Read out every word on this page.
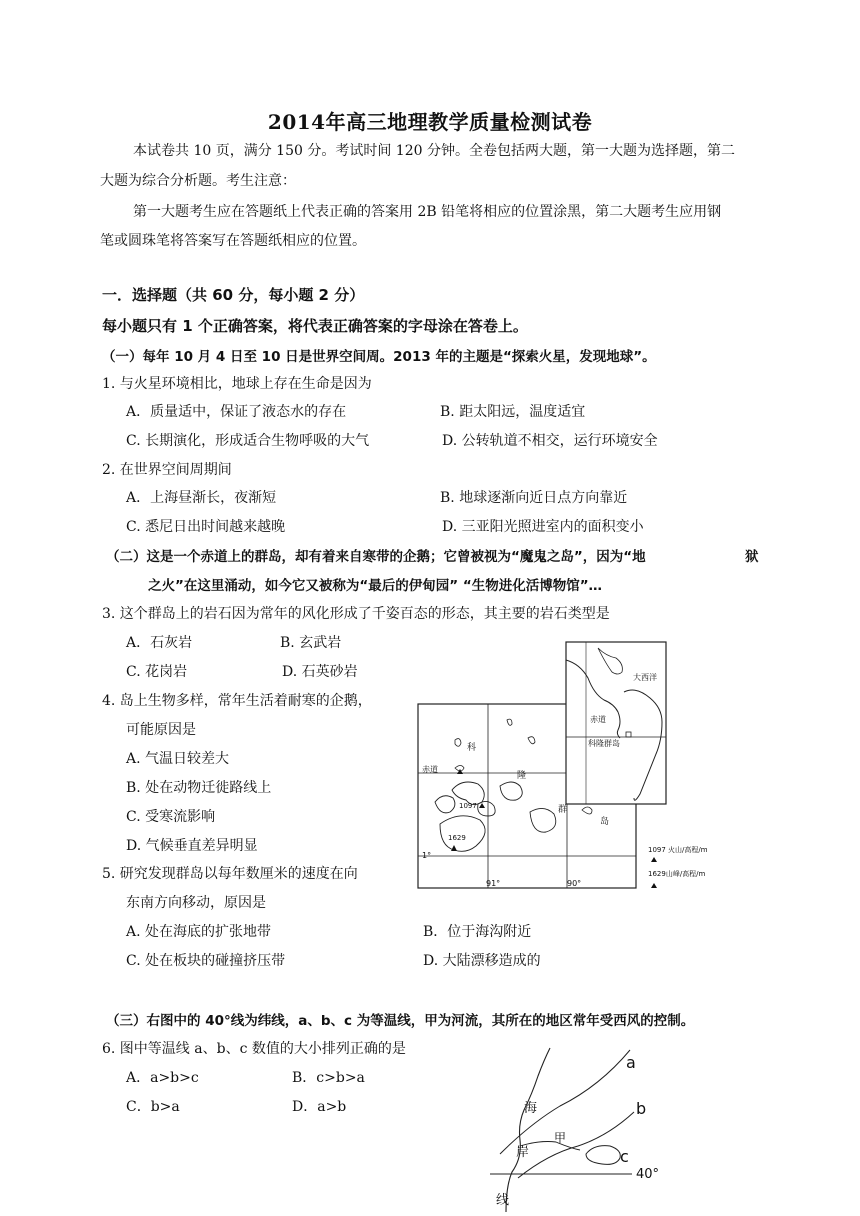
2014年高三地理教学质量检测试卷
本试卷共 10 页，满分 150 分。考试时间 120 分钟。全卷包括两大题，第一大题为选择题，第二
大题为综合分析题。考生注意：
第一大题考生应在答题纸上代表正确的答案用 2B 铅笔将相应的位置涂黑，第二大题考生应用钢
笔或圆珠笔将答案写在答题纸相应的位置。
一．选择题（共 60 分，每小题 2 分）
每小题只有 1 个正确答案，将代表正确答案的字母涂在答卷上。
（一）每年 10 月 4 日至 10 日是世界空间周。2013 年的主题是“探索火星，发现地球”。
1. 与火星环境相比，地球上存在生命是因为
A．质量适中，保证了液态水的存在	B. 距太阳远，温度适宜
C. 长期演化，形成适合生物呼吸的大气	D. 公转轨道不相交，运行环境安全
2. 在世界空间周期间
A．上海昼渐长，夜渐短	B. 地球逐渐向近日点方向靠近
C. 悉尼日出时间越来越晚	D. 三亚阳光照进室内的面积变小
（二）这是一个赤道上的群岛，却有着来自寒带的企鹅；它曾被视为“魔鬼之岛”，因为“地	狱
之火”在这里涌动，如今它又被称为“最后的伊甸园” “生物进化活博物馆”…
3. 这个群岛上的岩石因为常年的风化形成了千姿百态的形态，其主要的岩石类型是
A．石灰岩	B. 玄武岩
C. 花岗岩	D. 石英砂岩
4. 岛上生物多样，常年生活着耐寒的企鹅，
可能原因是
A. 气温日较差大
B. 处在动物迁徙路线上
C. 受寒流影响
D. 气候垂直差异明显
5. 研究发现群岛以每年数厘米的速度在向
东南方向移动，原因是
A. 处在海底的扩张地带	B．位于海沟附近
C. 处在板块的碰撞挤压带	D. 大陆漂移造成的
大西洋
赤道
科隆群岛
科
隆
群
岛
赤道
1097
1629
1°
91°	90°
1097 火山/高程/m
1629山峰/高程/m
（三）右图中的 40°线为纬线，a、b、c 为等温线，甲为河流，其所在的地区常年受西风的控制。
6. 图中等温线 a、b、c 数值的大小排列正确的是
A．a>b>c	B．c>b>a
C．b>a	D．a>b
a
b
c
甲
海
岸
线
40°
